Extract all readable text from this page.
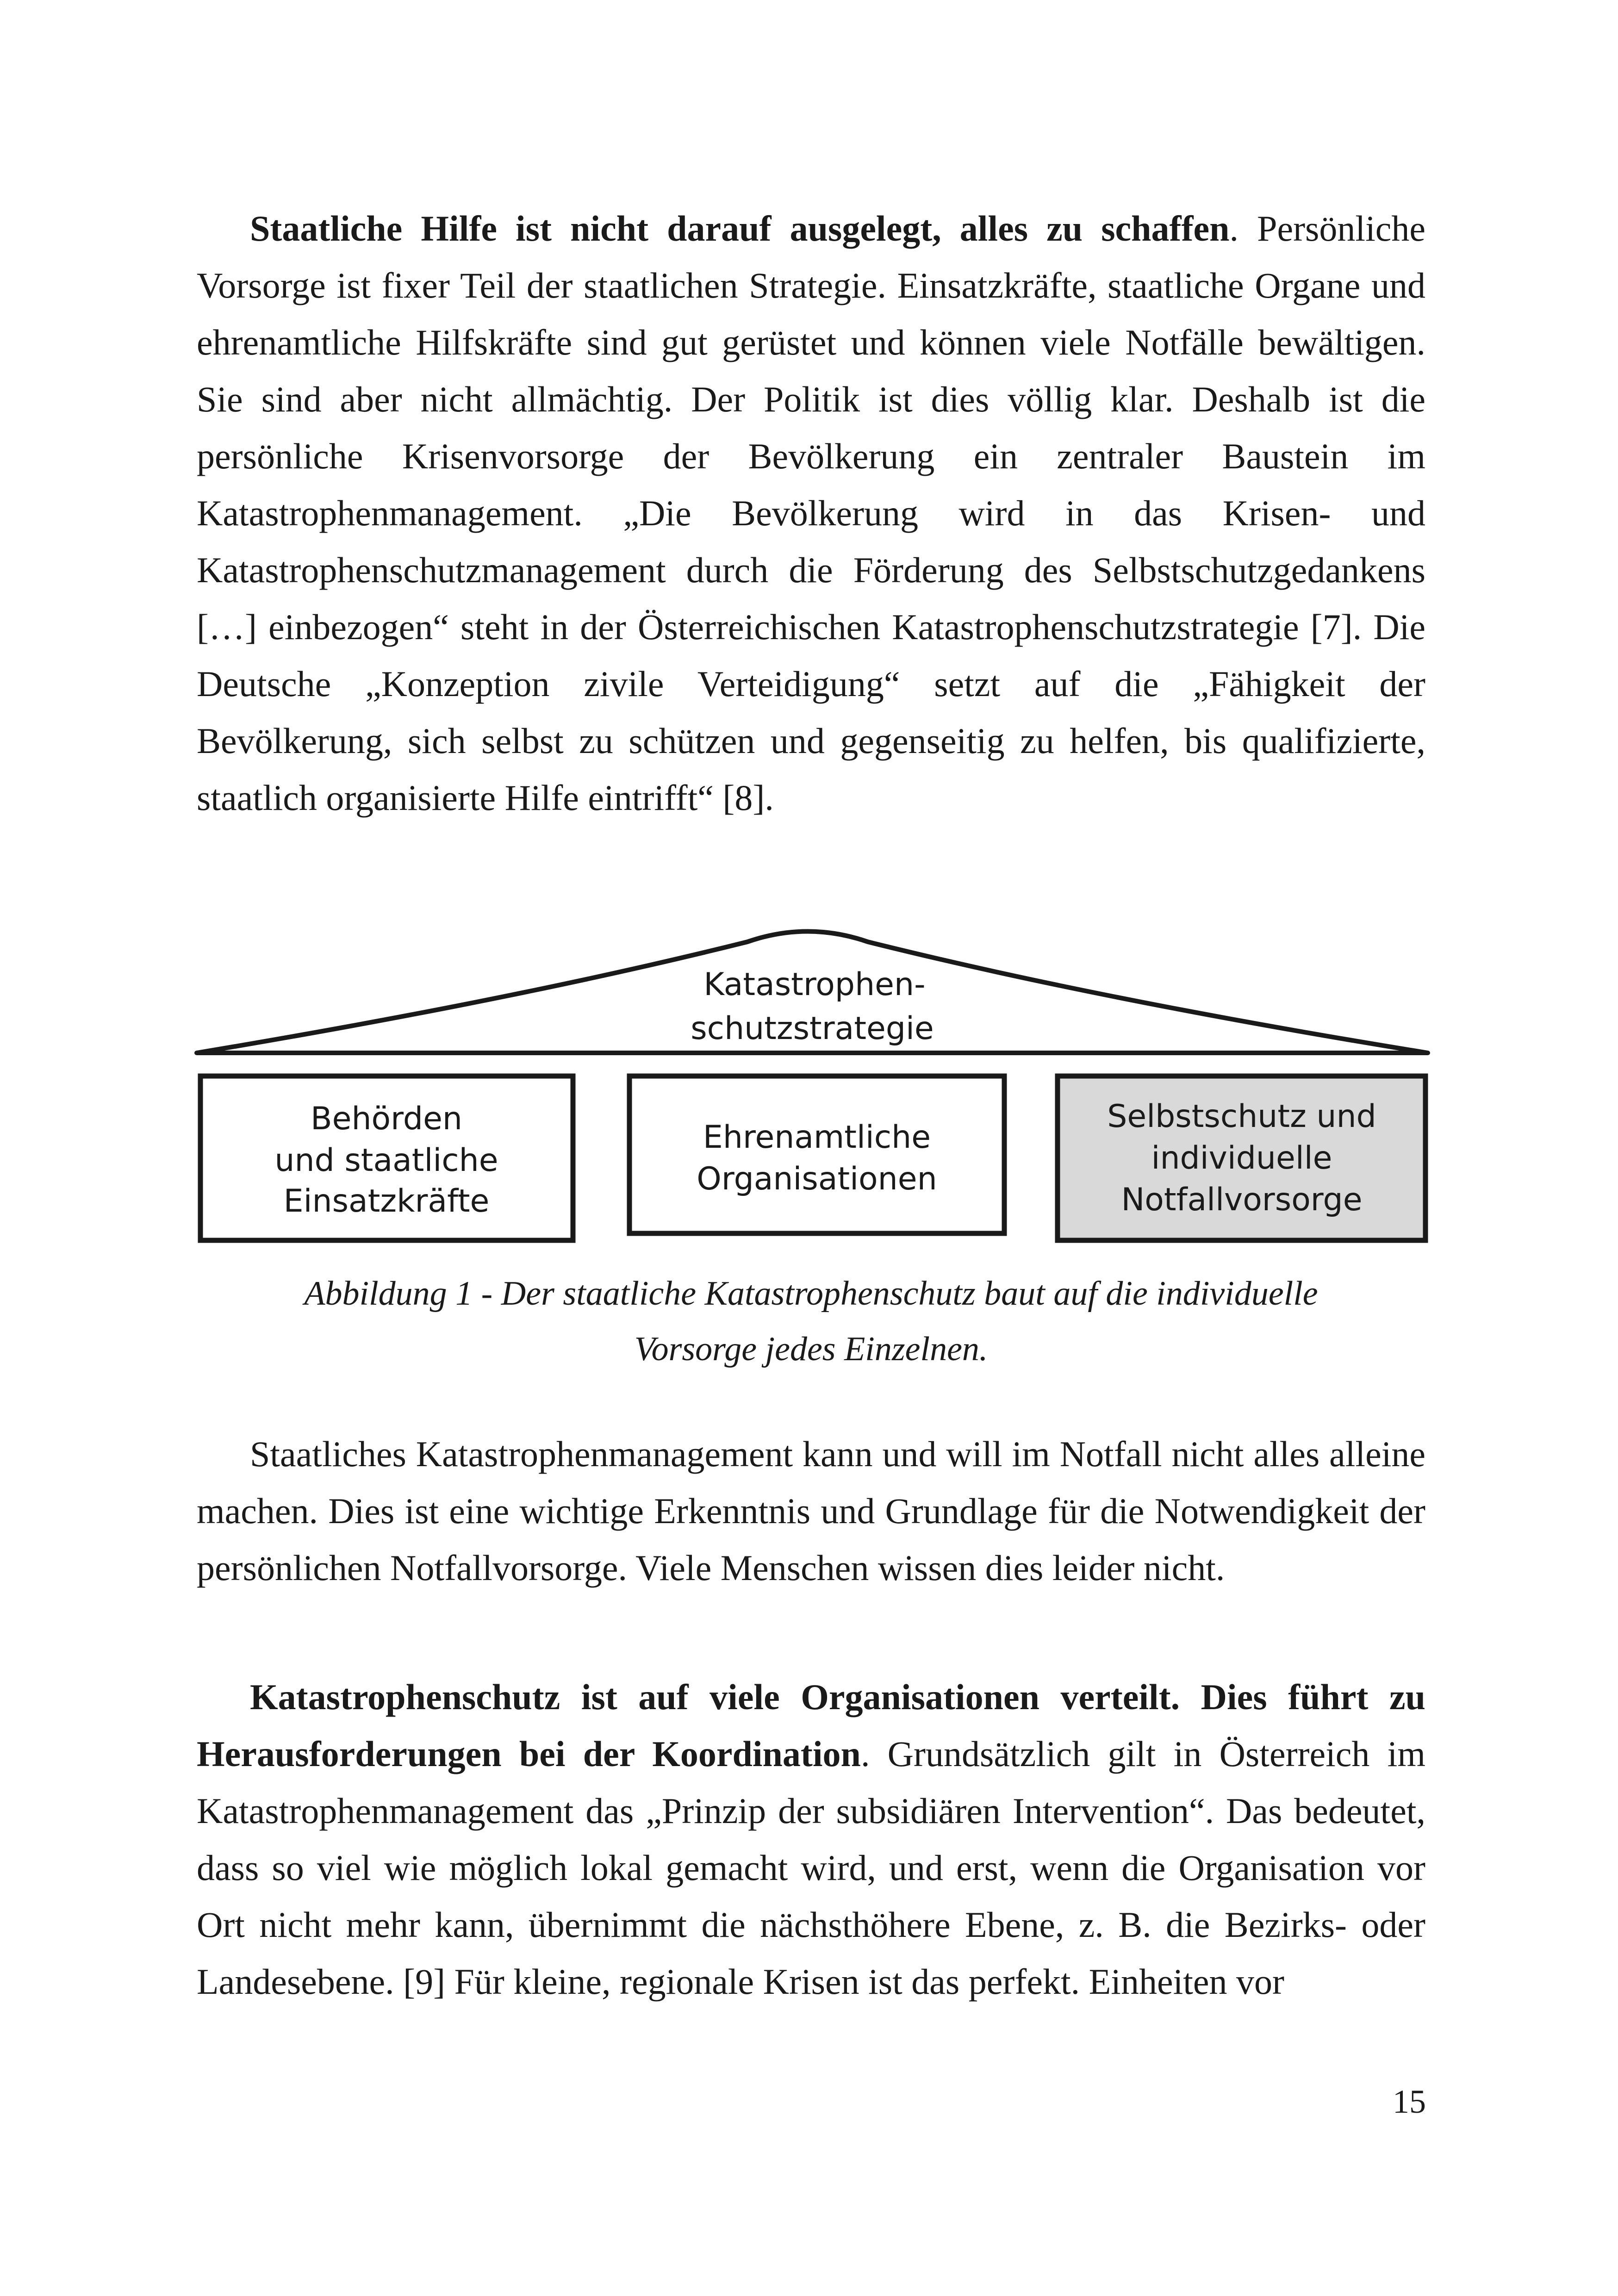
Staatliche Hilfe ist nicht darauf ausgelegt, alles zu schaffen. Persönliche Vorsorge ist fixer Teil der staatlichen Strategie. Einsatzkräfte, staatliche Organe und ehrenamtliche Hilfskräfte sind gut gerüstet und können viele Notfälle bewältigen. Sie sind aber nicht allmächtig. Der Politik ist dies völlig klar. Deshalb ist die persönliche Krisenvorsorge der Bevölkerung ein zentraler Baustein im Katastrophenmanagement. „Die Bevölkerung wird in das Krisen- und Katastrophenschutzmanagement durch die Förderung des Selbstschutzgedankens […] einbezogen“ steht in der Österreichischen Katastrophenschutzstrategie [7]. Die Deutsche „Konzeption zivile Verteidigung“ setzt auf die „Fähigkeit der Bevölkerung, sich selbst zu schützen und gegenseitig zu helfen, bis qualifizierte, staatlich organisierte Hilfe eintrifft“ [8].

Katastrophen-
schutzstrategie
Behörden
und staatliche
Einsatzkräfte
Ehrenamtliche
Organisationen
Selbstschutz und
individuelle
Notfallvorsorge
Abbildung 1 - Der staatliche Katastrophenschutz baut auf die individuelle
Vorsorge jedes Einzelnen.

Staatliches Katastrophenmanagement kann und will im Notfall nicht alles alleine machen. Dies ist eine wichtige Erkenntnis und Grundlage für die Notwendigkeit der persönlichen Notfallvorsorge. Viele Menschen wissen dies leider nicht.

Katastrophenschutz ist auf viele Organisationen verteilt. Dies führt zu Herausforderungen bei der Koordination. Grundsätzlich gilt in Österreich im Katastrophenmanagement das „Prinzip der subsidiären Intervention“. Das bedeutet, dass so viel wie möglich lokal gemacht wird, und erst, wenn die Organisation vor Ort nicht mehr kann, übernimmt die nächsthöhere Ebene, z. B. die Bezirks- oder Landesebene. [9] Für kleine, regionale Krisen ist das perfekt. Einheiten vor

15
